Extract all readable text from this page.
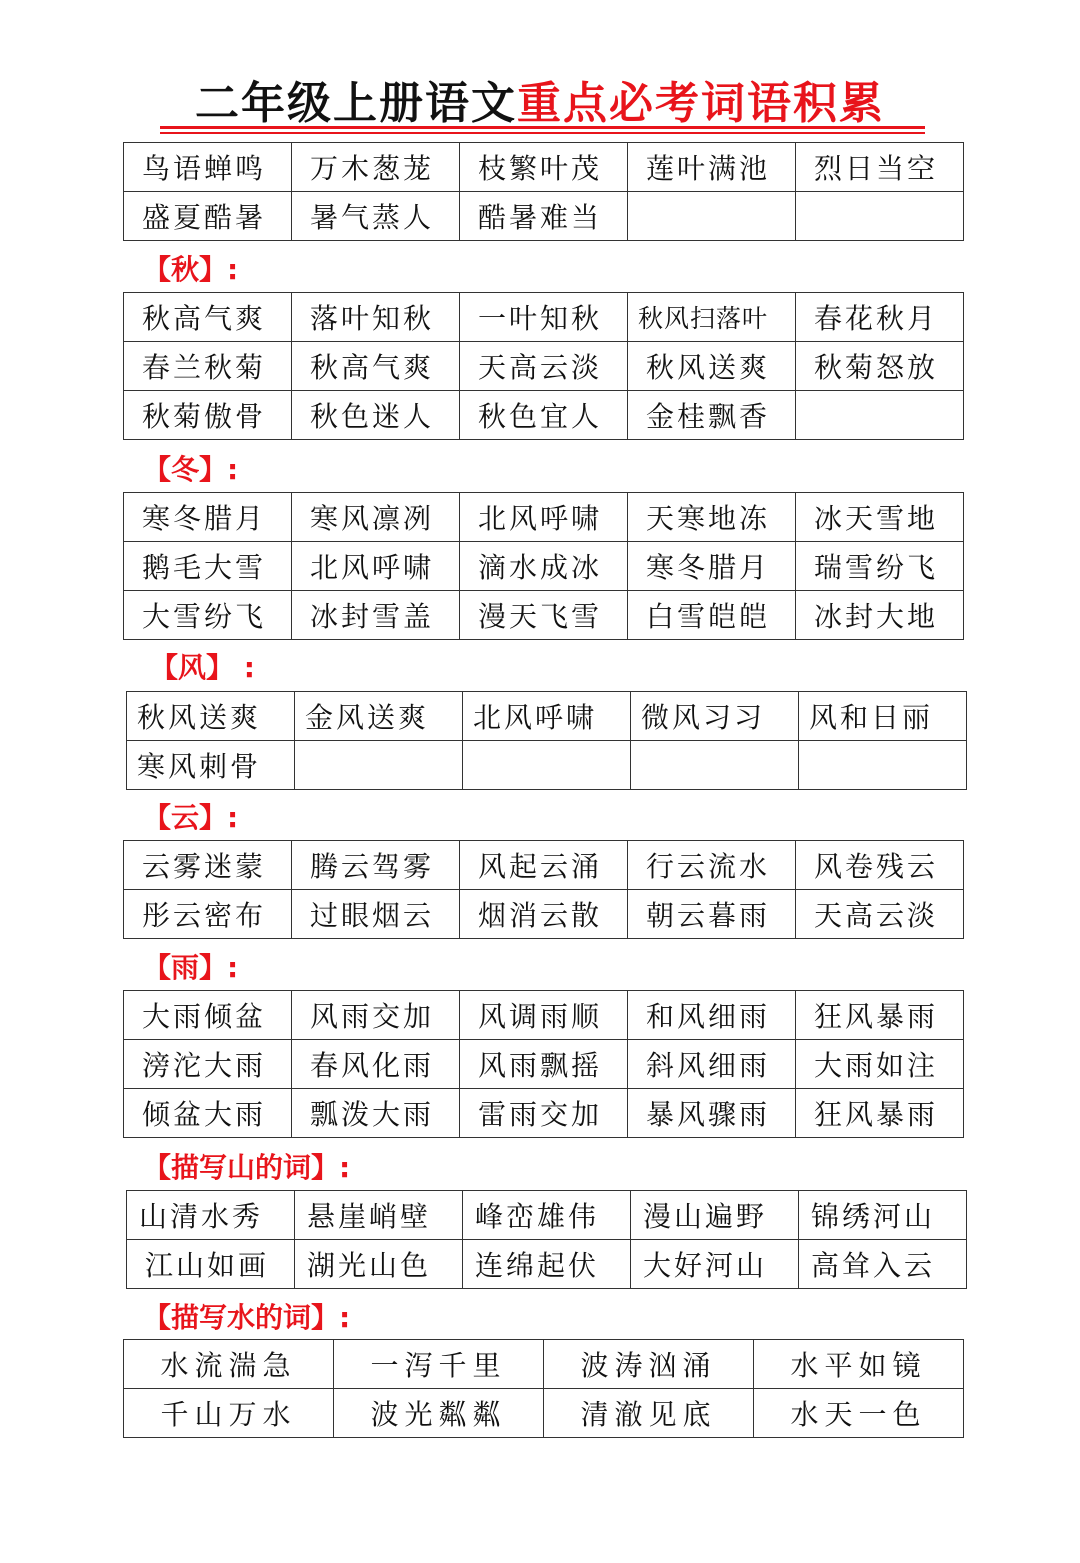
二年级上册语文重点必考词语积累
鸟语蝉鸣	万木葱茏	枝繁叶茂	莲叶满池	烈日当空
盛夏酷暑	暑气蒸人	酷暑难当		
【秋】:
秋高气爽	落叶知秋	一叶知秋	秋风扫落叶	春花秋月
春兰秋菊	秋高气爽	天高云淡	秋风送爽	秋菊怒放
秋菊傲骨	秋色迷人	秋色宜人	金桂飘香	
【冬】:
寒冬腊月	寒风凛冽	北风呼啸	天寒地冻	冰天雪地
鹅毛大雪	北风呼啸	滴水成冰	寒冬腊月	瑞雪纷飞
大雪纷飞	冰封雪盖	漫天飞雪	白雪皑皑	冰封大地
【风】 :
秋风送爽	金风送爽	北风呼啸	微风习习	风和日丽
寒风刺骨				
【云】:
云雾迷蒙	腾云驾雾	风起云涌	行云流水	风卷残云
彤云密布	过眼烟云	烟消云散	朝云暮雨	天高云淡
【雨】:
大雨倾盆	风雨交加	风调雨顺	和风细雨	狂风暴雨
滂沱大雨	春风化雨	风雨飘摇	斜风细雨	大雨如注
倾盆大雨	瓢泼大雨	雷雨交加	暴风骤雨	狂风暴雨
【描写山的词】:
山清水秀	悬崖峭壁	峰峦雄伟	漫山遍野	锦绣河山
江山如画	湖光山色	连绵起伏	大好河山	高耸入云
【描写水的词】:
水流湍急	一泻千里	波涛汹涌	水平如镜
千山万水	波光粼粼	清澈见底	水天一色
